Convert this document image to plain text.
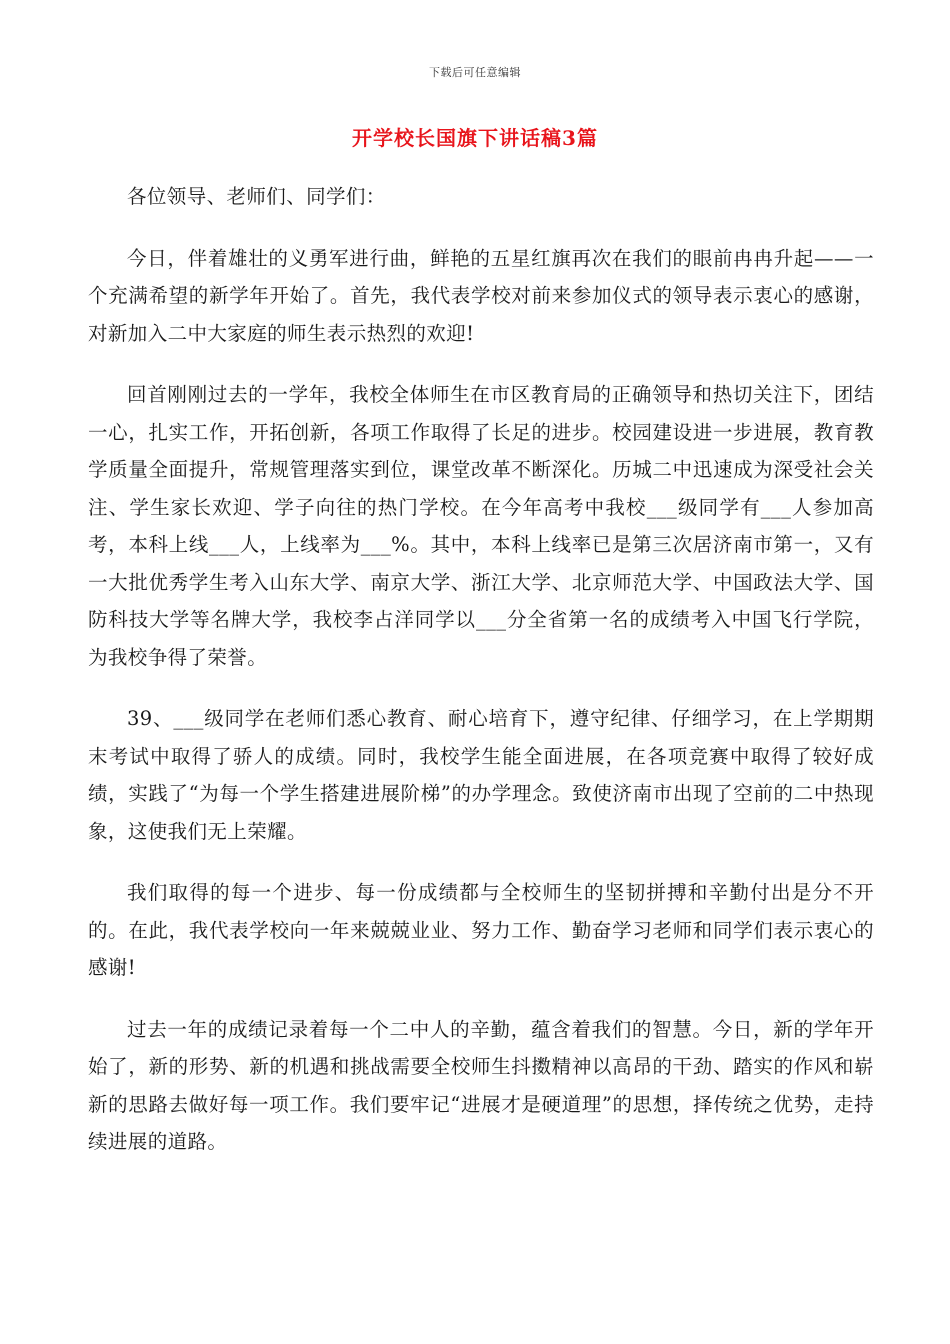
下载后可任意编辑
开学校长国旗下讲话稿3篇

各位领导、老师们、同学们：

今日，伴着雄壮的义勇军进行曲，鲜艳的五星红旗再次在我们的眼前冉冉升起——一个充满希望的新学年开始了。首先，我代表学校对前来参加仪式的领导表示衷心的感谢，对新加入二中大家庭的师生表示热烈的欢迎!

回首刚刚过去的一学年，我校全体师生在市区教育局的正确领导和热切关注下，团结一心，扎实工作，开拓创新，各项工作取得了长足的进步。校园建设进一步进展，教育教学质量全面提升，常规管理落实到位，课堂改革不断深化。历城二中迅速成为深受社会关注、学生家长欢迎、学子向往的热门学校。在今年高考中我校___级同学有___人参加高考，本科上线___人，上线率为___%。其中，本科上线率已是第三次居济南市第一，又有一大批优秀学生考入山东大学、南京大学、浙江大学、北京师范大学、中国政法大学、国防科技大学等名牌大学，我校李占洋同学以___分全省第一名的成绩考入中国飞行学院，为我校争得了荣誉。

39、___级同学在老师们悉心教育、耐心培育下，遵守纪律、仔细学习，在上学期期末考试中取得了骄人的成绩。同时，我校学生能全面进展，在各项竞赛中取得了较好成绩，实践了“为每一个学生搭建进展阶梯”的办学理念。致使济南市出现了空前的二中热现象，这使我们无上荣耀。

我们取得的每一个进步、每一份成绩都与全校师生的坚韧拼搏和辛勤付出是分不开的。在此，我代表学校向一年来兢兢业业、努力工作、勤奋学习老师和同学们表示衷心的感谢!

过去一年的成绩记录着每一个二中人的辛勤，蕴含着我们的智慧。今日，新的学年开始了，新的形势、新的机遇和挑战需要全校师生抖擞精神以高昂的干劲、踏实的作风和崭新的思路去做好每一项工作。我们要牢记“进展才是硬道理”的思想，择传统之优势，走持续进展的道路。
